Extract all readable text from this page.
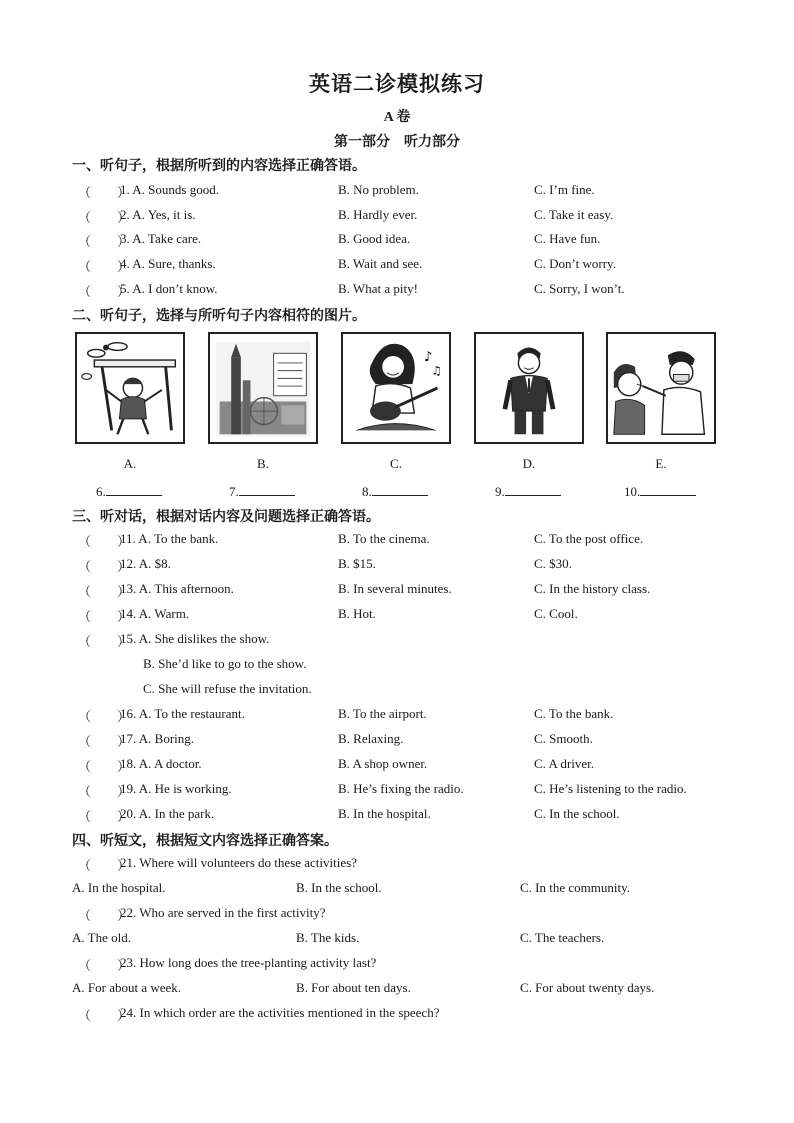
英语二诊模拟练习
A 卷
第一部分　听力部分
一、听句子，根据所听到的内容选择正确答语。
（　　）
1. A. Sounds good.	B. No problem.	C. I’m fine.
（　　）
2. A. Yes, it is.	B. Hardly ever.	C. Take it easy.
（　　）
3. A. Take care.	B. Good idea.	C. Have fun.
（　　）
4. A. Sure, thanks.	B. Wait and see.	C. Don’t worry.
（　　）
5. A. I don’t know.	B. What a pity!	C. Sorry, I won’t.
二、听句子，选择与所听句子内容相符的图片。
♪
♫
A.	B.	C.	D.	E.
6.	7.	8.	9.	10.
三、听对话，根据对话内容及问题选择正确答语。
（　　）
11. A. To the bank.	B. To the cinema.	C. To the post office.
（　　）
12. A. $8.	B. $15.	C. $30.
（　　）
13. A. This afternoon.	B. In several minutes.	C. In the history class.
（　　）
14. A. Warm.	B. Hot.	C. Cool.
（　　）
15. A. She dislikes the show.
B. She’d like to go to the show.
C. She will refuse the invitation.
（　　）
16. A. To the restaurant.	B. To the airport.	C. To the bank.
（　　）
17. A. Boring.	B. Relaxing.	C. Smooth.
（　　）
18. A. A doctor.	B. A shop owner.	C. A driver.
（　　）
19. A. He is working.	B. He’s fixing the radio.	C. He’s listening to the radio.
（　　）
20. A. In the park.	B. In the hospital.	C. In the school.
四、听短文，根据短文内容选择正确答案。
（　　）
21. Where will volunteers do these activities?
A. In the hospital.	B. In the school.	C. In the community.
（　　）
22. Who are served in the first activity?
A. The old.	B. The kids.	C. The teachers.
（　　）
23. How long does the tree-planting activity last?
A. For about a week.	B. For about ten days.	C. For about twenty days.
（　　）
24. In which order are the activities mentioned in the speech?
